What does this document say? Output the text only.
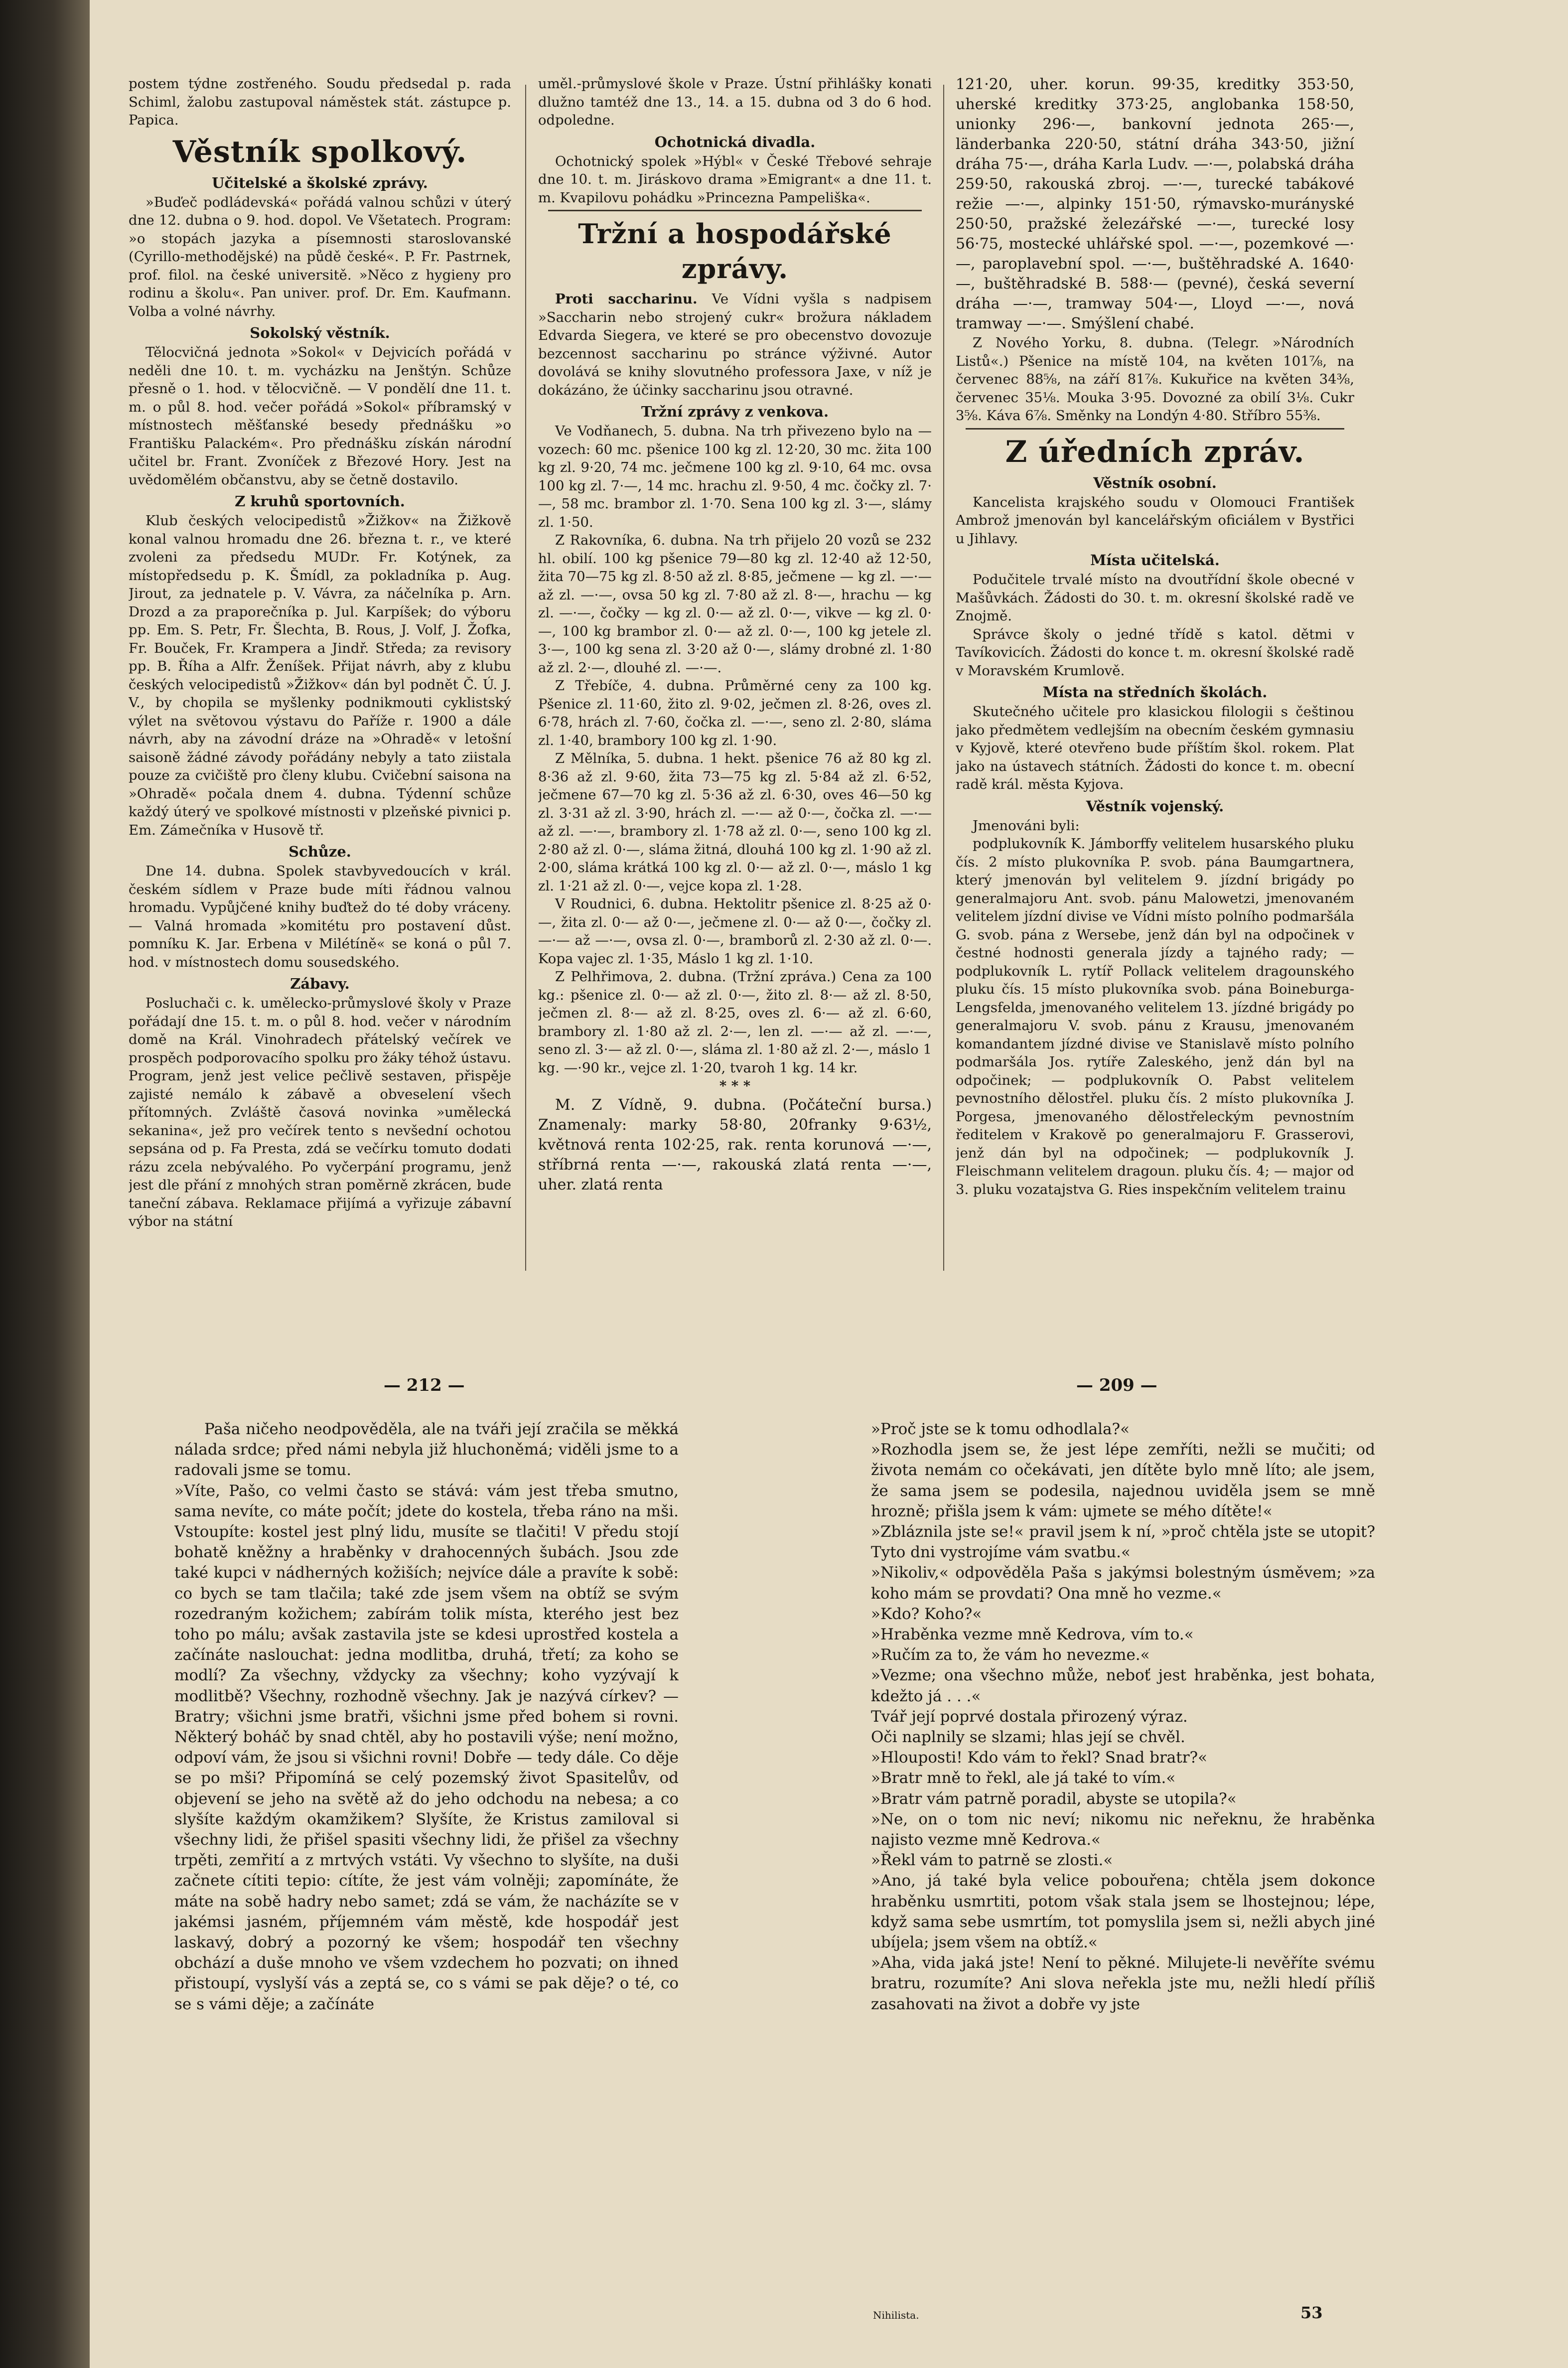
postem týdne zostřeného. Soudu předsedal p. rada Schiml, žalobu zastupoval náměstek stát. zástupce p. Papica.

Věstník spolkový.
Učitelské a školské zprávy.

»Buďeč podládevská« pořádá valnou schůzi v úterý dne 12. dubna o 9. hod. dopol. Ve Všetatech. Program: »o stopách jazyka a písemnosti staroslovanské (Cyrillo-methodějské) na půdě české«. P. Fr. Pastrnek, prof. filol. na české universitě. »Něco z hygieny pro rodinu a školu«. Pan univer. prof. Dr. Em. Kaufmann. Volba a volné návrhy.

Sokolský věstník.

Tělocvičná jednota »Sokol« v Dejvicích pořádá v neděli dne 10. t. m. vycházku na Jenštýn. Schůze přesně o 1. hod. v tělocvičně. — V pondělí dne 11. t. m. o půl 8. hod. večer pořádá »Sokol« příbramský v místnostech měšťanské besedy přednášku »o Františku Palackém«. Pro přednášku získán národní učitel br. Frant. Zvoníček z Březové Hory. Jest na uvědomělém občanstvu, aby se četně dostavilo.

Z kruhů sportovních.

Klub českých velocipedistů »Žižkov« na Žižkově konal valnou hromadu dne 26. března t. r., ve které zvoleni za předsedu MUDr. Fr. Kotýnek, za místopředsedu p. K. Šmídl, za pokladníka p. Aug. Jirout, za jednatele p. V. Vávra, za náčelníka p. Arn. Drozd a za praporečníka p. Jul. Karpíšek; do výboru pp. Em. S. Petr, Fr. Šlechta, B. Rous, J. Volf, J. Žofka, Fr. Bouček, Fr. Krampera a Jindř. Středa; za revisory pp. B. Říha a Alfr. Ženíšek. Přijat návrh, aby z klubu českých velocipedistů »Žižkov« dán byl podnět Č. Ú. J. V., by chopila se myšlenky podnikmouti cyklistský výlet na světovou výstavu do Paříže r. 1900 a dále návrh, aby na závodní dráze na »Ohradě« v letošní saisoně žádné závody pořádány nebyly a tato ziistala pouze za cvičiště pro členy klubu. Cvičební saisona na »Ohradě« počala dnem 4. dubna. Týdenní schůze každý úterý ve spolkové místnosti v plzeňské pivnici p. Em. Zámečníka v Husově tř.

Schůze.

Dne 14. dubna. Spolek stavbyvedoucích v král. českém sídlem v Praze bude míti řádnou valnou hromadu. Vypůjčené knihy buďtež do té doby vráceny. — Valná hromada »komitétu pro postavení důst. pomníku K. Jar. Erbena v Milétíně« se koná o půl 7. hod. v místnostech domu sousedského.

Zábavy.

Posluchači c. k. umělecko-průmyslové školy v Praze pořádají dne 15. t. m. o půl 8. hod. večer v národním domě na Král. Vinohradech přátelský večírek ve prospěch podporovacího spolku pro žáky téhož ústavu. Program, jenž jest velice pečlivě sestaven, přispěje zajisté nemálo k zábavě a obveselení všech přítomných. Zvláště časová novinka »umělecká sekanina«, jež pro večírek tento s nevšední ochotou sepsána od p. Fa Presta, zdá se večírku tomuto dodati rázu zcela nebývalého. Po vyčerpání programu, jenž jest dle přání z mnohých stran poměrně zkrácen, bude taneční zábava. Reklamace přijímá a vyřizuje zábavní výbor na státní

uměl.-průmyslové škole v Praze. Ústní přihlášky konati dlužno tamtéž dne 13., 14. a 15. dubna od 3 do 6 hod. odpoledne.

Ochotnická divadla.

Ochotnický spolek »Hýbl« v České Třebové sehraje dne 10. t. m. Jiráskovo drama »Emigrant« a dne 11. t. m. Kvapilovu pohádku »Princezna Pampeliška«.

Tržní a hospodářské zprávy.

Proti saccharinu. Ve Vídni vyšla s nadpisem »Saccharin nebo strojený cukr« brožura nákladem Edvarda Siegera, ve které se pro obecenstvo dovozuje bezcennost saccharinu po stránce výživné. Autor dovolává se knihy slovutného professora Jaxe, v níž je dokázáno, že účinky saccharinu jsou otravné.

Tržní zprávy z venkova.

Ve Vodňanech, 5. dubna. Na trh přivezeno bylo na — vozech: 60 mc. pšenice 100 kg zl. 12·20, 30 mc. žita 100 kg zl. 9·20, 74 mc. ječmene 100 kg zl. 9·10, 64 mc. ovsa 100 kg zl. 7·—, 14 mc. hrachu zl. 9·50, 4 mc. čočky zl. 7·—, 58 mc. brambor zl. 1·70. Sena 100 kg zl. 3·—, slámy zl. 1·50.

Z Rakovníka, 6. dubna. Na trh přijelo 20 vozů se 232 hl. obilí. 100 kg pšenice 79—80 kg zl. 12·40 až 12·50, žita 70—75 kg zl. 8·50 až zl. 8·85, ječmene — kg zl. —·— až zl. —·—, ovsa 50 kg zl. 7·80 až zl. 8·—, hrachu — kg zl. —·—, čočky — kg zl. 0·— až zl. 0·—, vikve — kg zl. 0·—, 100 kg brambor zl. 0·— až zl. 0·—, 100 kg jetele zl. 3·—, 100 kg sena zl. 3·20 až 0·—, slámy drobné zl. 1·80 až zl. 2·—, dlouhé zl. —·—.

Z Třebíče, 4. dubna. Průměrné ceny za 100 kg. Pšenice zl. 11·60, žito zl. 9·02, ječmen zl. 8·26, oves zl. 6·78, hrách zl. 7·60, čočka zl. —·—, seno zl. 2·80, sláma zl. 1·40, brambory 100 kg zl. 1·90.

Z Mělníka, 5. dubna. 1 hekt. pšenice 76 až 80 kg zl. 8·36 až zl. 9·60, žita 73—75 kg zl. 5·84 až zl. 6·52, ječmene 67—70 kg zl. 5·36 až zl. 6·30, oves 46—50 kg zl. 3·31 až zl. 3·90, hrách zl. —·— až 0·—, čočka zl. —·— až zl. —·—, brambory zl. 1·78 až zl. 0·—, seno 100 kg zl. 2·80 až zl. 0·—, sláma žitná, dlouhá 100 kg zl. 1·90 až zl. 2·00, sláma krátká 100 kg zl. 0·— až zl. 0·—, máslo 1 kg zl. 1·21 až zl. 0·—, vejce kopa zl. 1·28.

V Roudnici, 6. dubna. Hektolitr pšenice zl. 8·25 až 0·—, žita zl. 0·— až 0·—, ječmene zl. 0·— až 0·—, čočky zl. —·— až —·—, ovsa zl. 0·—, bramborů zl. 2·30 až zl. 0·—. Kopa vajec zl. 1·35, Máslo 1 kg zl. 1·10.

Z Pelhřimova, 2. dubna. (Tržní zpráva.) Cena za 100 kg.: pšenice zl. 0·— až zl. 0·—, žito zl. 8·— až zl. 8·50, ječmen zl. 8·— až zl. 8·25, oves zl. 6·— až zl. 6·60, brambory zl. 1·80 až zl. 2·—, len zl. —·— až zl. —·—, seno zl. 3·— až zl. 0·—, sláma zl. 1·80 až zl. 2·—, máslo 1 kg. —·90 kr., vejce zl. 1·20, tvaroh 1 kg. 14 kr.

* * *

M. Z Vídně, 9. dubna. (Počáteční bursa.) Znamenaly: marky 58·80, 20franky 9·63½, květnová renta 102·25, rak. renta korunová —·—, stříbrná renta —·—, rakouská zlatá renta —·—, uher. zlatá renta

121·20, uher. korun. 99·35, kreditky 353·50, uherské kreditky 373·25, anglobanka 158·50, unionky 296·—, bankovní jednota 265·—, länderbanka 220·50, státní dráha 343·50, jižní dráha 75·—, dráha Karla Ludv. —·—, polabská dráha 259·50, rakouská zbroj. —·—, turecké tabákové režie —·—, alpinky 151·50, rýmavsko-murányské 250·50, pražské železářské —·—, turecké losy 56·75, mostecké uhlářské spol. —·—, pozemkové —·—, paroplavební spol. —·—, buštěhradské A. 1640·—, buštěhradské B. 588·— (pevné), česká severní dráha —·—, tramway 504·—, Lloyd —·—, nová tramway —·—. Smýšlení chabé.

Z Nového Yorku, 8. dubna. (Telegr. »Národních Listů«.) Pšenice na místě 104, na květen 101⅞, na červenec 88⅝, na září 81⅞. Kukuřice na květen 34⅜, červenec 35⅛. Mouka 3·95. Dovozné za obilí 3⅛. Cukr 3⅝. Káva 6⅞. Směnky na Londýn 4·80. Stříbro 55⅜.

Z úředních zpráv.
Věstník osobní.

Kancelista krajského soudu v Olomouci František Ambrož jmenován byl kancelářským oficiálem v Bystřici u Jihlavy.

Místa učitelská.

Podučitele trvalé místo na dvoutřídní škole obecné v Mašůvkách. Žádosti do 30. t. m. okresní školské radě ve Znojmě.

Správce školy o jedné třídě s katol. dětmi v Tavíkovicích. Žádosti do konce t. m. okresní školské radě v Moravském Krumlově.

Místa na středních školách.

Skutečného učitele pro klasickou filologii s češtinou jako předmětem vedlejším na obecním českém gymnasiu v Kyjově, které otevřeno bude příštím škol. rokem. Plat jako na ústavech státních. Žádosti do konce t. m. obecní radě král. města Kyjova.

Věstník vojenský.

Jmenováni byli:

podplukovník K. Jámborffy velitelem husarského pluku čís. 2 místo plukovníka P. svob. pána Baumgartnera, který jmenován byl velitelem 9. jízdní brigády po generalmajoru Ant. svob. pánu Malowetzi, jmenovaném velitelem jízdní divise ve Vídni místo polního podmaršála G. svob. pána z Wersebe, jenž dán byl na odpočinek v čestné hodnosti generala jízdy a tajného rady; — podplukovník L. rytíř Pollack velitelem dragounského pluku čís. 15 místo plukovníka svob. pána Boineburga-Lengsfelda, jmenovaného velitelem 13. jízdné brigády po generalmajoru V. svob. pánu z Krausu, jmenovaném komandantem jízdné divise ve Stanislavě místo polního podmaršála Jos. rytíře Zaleského, jenž dán byl na odpočinek; — podplukovník O. Pabst velitelem pevnostního dělostřel. pluku čís. 2 místo plukovníka J. Porgesa, jmenovaného dělostřeleckým pevnostním ředitelem v Krakově po generalmajoru F. Grasserovi, jenž dán byl na odpočinek; — podplukovník J. Fleischmann velitelem dragoun. pluku čís. 4; — major od 3. pluku vozatajstva G. Ries inspekčním velitelem trainu

— 212 —	— 209 —

Paša ničeho neodpověděla, ale na tváři její zračila se měkká nálada srdce; před námi nebyla již hluchoněmá; viděli jsme to a radovali jsme se tomu.
»Víte, Pašo, co velmi často se stává: vám jest třeba smutno, sama nevíte, co máte počít; jdete do kostela, třeba ráno na mši. Vstoupíte: kostel jest plný lidu, musíte se tlačiti! V předu stojí bohatě kněžny a hraběnky v drahocenných šubách. Jsou zde také kupci v nádherných kožiších; nejvíce dále a pravíte k sobě: co bych se tam tlačila; také zde jsem všem na obtíž se svým rozedraným kožichem; zabírám tolik místa, kterého jest bez toho po málu; avšak zastavila jste se kdesi uprostřed kostela a začínáte naslouchat: jedna modlitba, druhá, třetí; za koho se modlí? Za všechny, vždycky za všechny; koho vyzývají k modlitbě? Všechny, rozhodně všechny. Jak je nazývá církev? — Bratry; všichni jsme bratři, všichni jsme před bohem si rovni. Některý boháč by snad chtěl, aby ho postavili výše; není možno, odpoví vám, že jsou si všichni rovni! Dobře — tedy dále. Co děje se po mši? Připomíná se celý pozemský život Spasitelův, od objevení se jeho na světě až do jeho odchodu na nebesa; a co slyšíte každým okamžikem? Slyšíte, že Kristus zamiloval si všechny lidi, že přišel spasiti všechny lidi, že přišel za všechny trpěti, zemřití a z mrtvých vstáti. Vy všechno to slyšíte, na duši začnete cítiti tepio: cítíte, že jest vám volněji; zapomínáte, že máte na sobě hadry nebo samet; zdá se vám, že nacházíte se v jakémsi jasném, příjemném vám městě, kde hospodář jest laskavý, dobrý a pozorný ke všem; hospodář ten všechny obchází a duše mnoho ve všem vzdechem ho pozvati; on ihned přistoupí, vyslyší vás a zeptá se, co s vámi se pak děje? o té, co se s vámi děje; a začínáte

»Proč jste se k tomu odhodlala?«
»Rozhodla jsem se, že jest lépe zemříti, nežli se mučiti; od života nemám co očekávati, jen dítěte bylo mně líto; ale jsem, že sama jsem se podesila, najednou uviděla jsem se mně hrozně; přišla jsem k vám: ujmete se mého dítěte!«
»Zbláznila jste se!« pravil jsem k ní, »proč chtěla jste se utopit? Tyto dni vystrojíme vám svatbu.«
»Nikoliv,« odpověděla Paša s jakýmsi bolestným úsměvem; »za koho mám se provdati? Ona mně ho vezme.«
»Kdo? Koho?«
»Hraběnka vezme mně Kedrova, vím to.«
»Ručím za to, že vám ho nevezme.«
»Vezme; ona všechno může, neboť jest hraběnka, jest bohata, kdežto já . . .«
Tvář její poprvé dostala přirozený výraz.
Oči naplnily se slzami; hlas její se chvěl.
»Hlouposti! Kdo vám to řekl? Snad bratr?«
»Bratr mně to řekl, ale já také to vím.«
»Bratr vám patrně poradil, abyste se utopila?«
»Ne, on o tom nic neví; nikomu nic neřeknu, že hraběnka najisto vezme mně Kedrova.«
»Řekl vám to patrně se zlosti.«
»Ano, já také byla velice pobouřena; chtěla jsem dokonce hraběnku usmrtiti, potom však stala jsem se lhostejnou; lépe, když sama sebe usmrtím, tot pomyslila jsem si, nežli abych jiné ubíjela; jsem všem na obtíž.«
»Aha, vida jaká jste! Není to pěkné. Milujete-li nevěříte svému bratru, rozumíte? Ani slova neřekla jste mu, nežli hledí příliš zasahovati na život a dobře vy jste

Nihilista.	53
